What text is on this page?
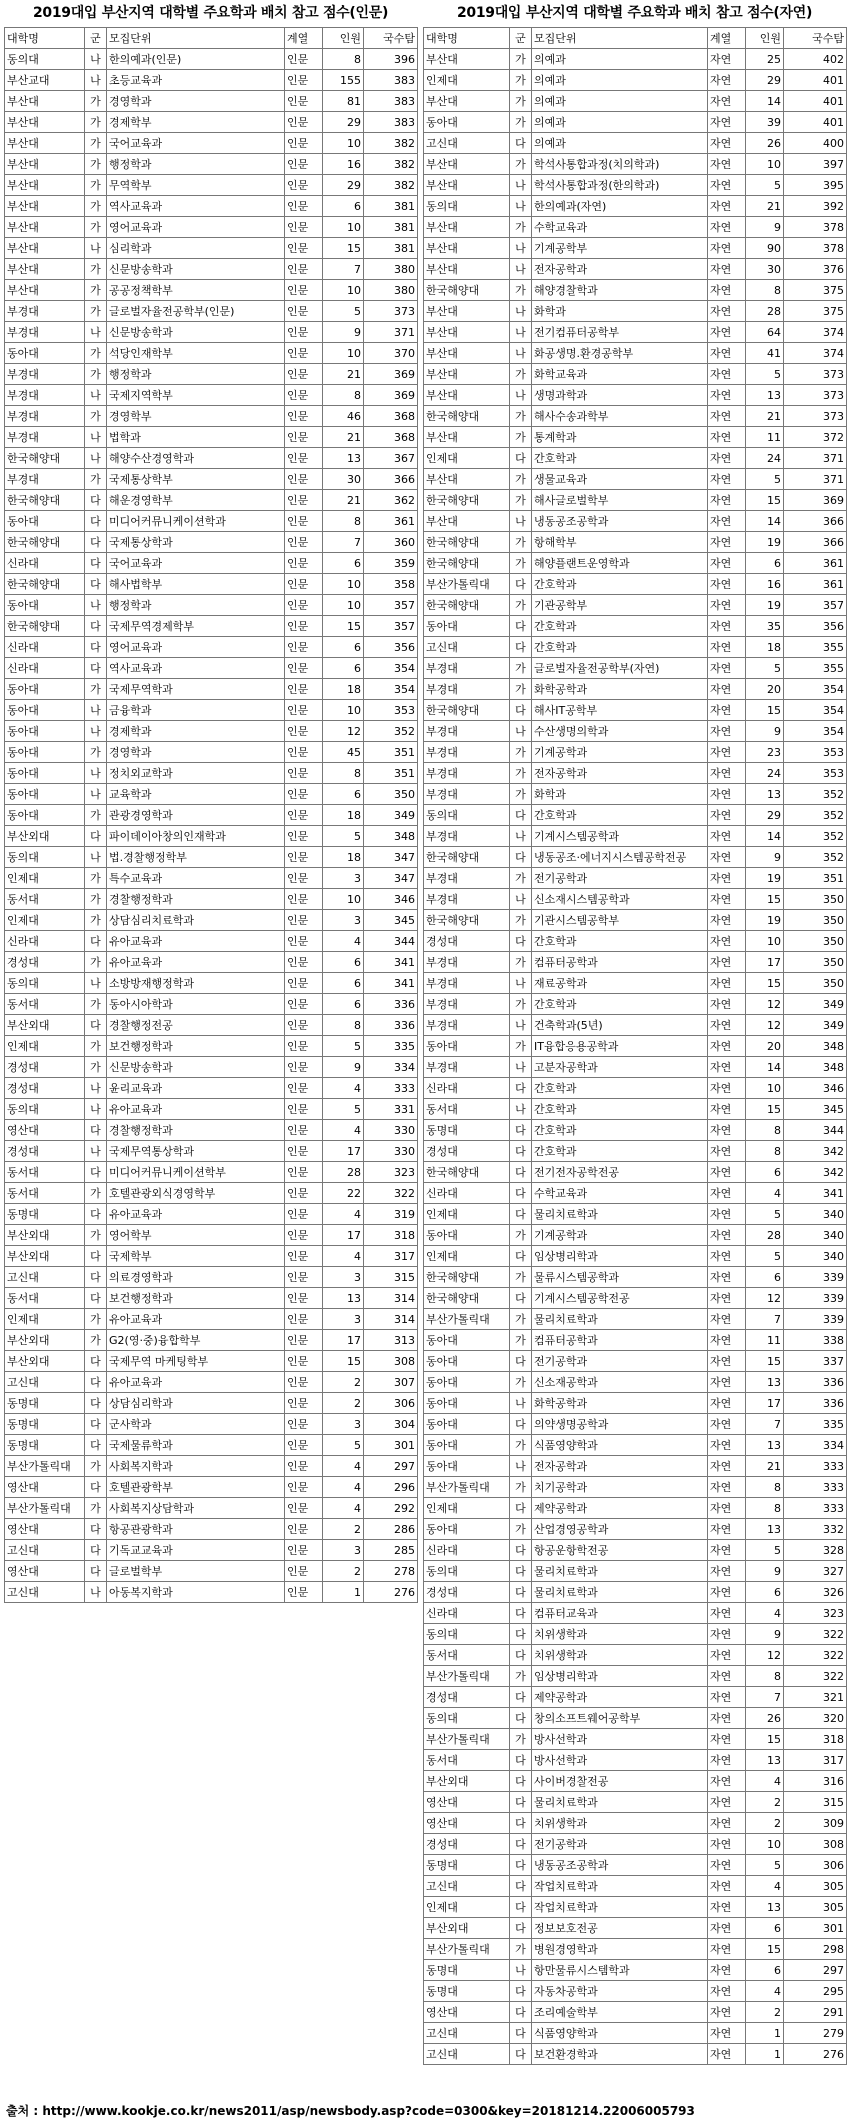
2019대입 부산지역 대학별 주요학과 배치 참고 점수(인문)
대학명	군	모집단위	계열	인원	국수탐
동의대	나	한의예과(인문)	인문	8	396
부산교대	나	초등교육과	인문	155	383
부산대	가	경영학과	인문	81	383
부산대	가	경제학부	인문	29	383
부산대	가	국어교육과	인문	10	382
부산대	가	행정학과	인문	16	382
부산대	가	무역학부	인문	29	382
부산대	가	역사교육과	인문	6	381
부산대	가	영어교육과	인문	10	381
부산대	나	심리학과	인문	15	381
부산대	가	신문방송학과	인문	7	380
부산대	가	공공정책학부	인문	10	380
부경대	가	글로벌자율전공학부(인문)	인문	5	373
부경대	나	신문방송학과	인문	9	371
동아대	가	석당인재학부	인문	10	370
부경대	가	행정학과	인문	21	369
부경대	나	국제지역학부	인문	8	369
부경대	가	경영학부	인문	46	368
부경대	나	법학과	인문	21	368
한국해양대	나	해양수산경영학과	인문	13	367
부경대	가	국제통상학부	인문	30	366
한국해양대	다	해운경영학부	인문	21	362
동아대	다	미디어커뮤니케이션학과	인문	8	361
한국해양대	다	국제통상학과	인문	7	360
신라대	다	국어교육과	인문	6	359
한국해양대	다	해사법학부	인문	10	358
동아대	나	행정학과	인문	10	357
한국해양대	다	국제무역경제학부	인문	15	357
신라대	다	영어교육과	인문	6	356
신라대	다	역사교육과	인문	6	354
동아대	가	국제무역학과	인문	18	354
동아대	나	금융학과	인문	10	353
동아대	나	경제학과	인문	12	352
동아대	가	경영학과	인문	45	351
동아대	나	정치외교학과	인문	8	351
동아대	나	교육학과	인문	6	350
동아대	가	관광경영학과	인문	18	349
부산외대	다	파이데이아창의인재학과	인문	5	348
동의대	나	법.경찰행정학부	인문	18	347
인제대	가	특수교육과	인문	3	347
동서대	가	경찰행정학과	인문	10	346
인제대	가	상담심리치료학과	인문	3	345
신라대	다	유아교육과	인문	4	344
경성대	가	유아교육과	인문	6	341
동의대	나	소방방재행정학과	인문	6	341
동서대	가	동아시아학과	인문	6	336
부산외대	다	경찰행정전공	인문	8	336
인제대	가	보건행정학과	인문	5	335
경성대	가	신문방송학과	인문	9	334
경성대	나	윤리교육과	인문	4	333
동의대	나	유아교육과	인문	5	331
영산대	다	경찰행정학과	인문	4	330
경성대	나	국제무역통상학과	인문	17	330
동서대	다	미디어커뮤니케이션학부	인문	28	323
동서대	가	호텔관광외식경영학부	인문	22	322
동명대	다	유아교육과	인문	4	319
부산외대	가	영어학부	인문	17	318
부산외대	다	국제학부	인문	4	317
고신대	다	의료경영학과	인문	3	315
동서대	다	보건행정학과	인문	13	314
인제대	가	유아교육과	인문	3	314
부산외대	가	G2(영·중)융합학부	인문	17	313
부산외대	다	국제무역 마케팅학부	인문	15	308
고신대	다	유아교육과	인문	2	307
동명대	다	상담심리학과	인문	2	306
동명대	다	군사학과	인문	3	304
동명대	다	국제물류학과	인문	5	301
부산가톨릭대	가	사회복지학과	인문	4	297
영산대	다	호텔관광학부	인문	4	296
부산가톨릭대	가	사회복지상담학과	인문	4	292
영산대	다	항공관광학과	인문	2	286
고신대	다	기독교교육과	인문	3	285
영산대	다	글로벌학부	인문	2	278
고신대	나	아동복지학과	인문	1	276
2019대입 부산지역 대학별 주요학과 배치 참고 점수(자연)
대학명	군	모집단위	계열	인원	국수탐
부산대	가	의예과	자연	25	402
인제대	가	의예과	자연	29	401
부산대	가	의예과	자연	14	401
동아대	가	의예과	자연	39	401
고신대	다	의예과	자연	26	400
부산대	가	학석사통합과정(치의학과)	자연	10	397
부산대	나	학석사통합과정(한의학과)	자연	5	395
동의대	나	한의예과(자연)	자연	21	392
부산대	가	수학교육과	자연	9	378
부산대	나	기계공학부	자연	90	378
부산대	나	전자공학과	자연	30	376
한국해양대	가	해양경찰학과	자연	8	375
부산대	나	화학과	자연	28	375
부산대	나	전기컴퓨터공학부	자연	64	374
부산대	나	화공생명.환경공학부	자연	41	374
부산대	가	화학교육과	자연	5	373
부산대	나	생명과학과	자연	13	373
한국해양대	가	해사수송과학부	자연	21	373
부산대	가	통계학과	자연	11	372
인제대	다	간호학과	자연	24	371
부산대	가	생물교육과	자연	5	371
한국해양대	가	해사글로벌학부	자연	15	369
부산대	나	냉동공조공학과	자연	14	366
한국해양대	가	항해학부	자연	19	366
한국해양대	가	해양플랜트운영학과	자연	6	361
부산가톨릭대	다	간호학과	자연	16	361
한국해양대	가	기관공학부	자연	19	357
동아대	다	간호학과	자연	35	356
고신대	다	간호학과	자연	18	355
부경대	가	글로벌자율전공학부(자연)	자연	5	355
부경대	가	화학공학과	자연	20	354
한국해양대	다	해사IT공학부	자연	15	354
부경대	나	수산생명의학과	자연	9	354
부경대	가	기계공학과	자연	23	353
부경대	가	전자공학과	자연	24	353
부경대	가	화학과	자연	13	352
동의대	다	간호학과	자연	29	352
부경대	나	기계시스템공학과	자연	14	352
한국해양대	다	냉동공조·에너지시스템공학전공	자연	9	352
부경대	가	전기공학과	자연	19	351
부경대	나	신소재시스템공학과	자연	15	350
한국해양대	가	기관시스템공학부	자연	19	350
경성대	다	간호학과	자연	10	350
부경대	가	컴퓨터공학과	자연	17	350
부경대	나	재료공학과	자연	15	350
부경대	가	간호학과	자연	12	349
부경대	나	건축학과(5년)	자연	12	349
동아대	가	IT융합응용공학과	자연	20	348
부경대	나	고분자공학과	자연	14	348
신라대	다	간호학과	자연	10	346
동서대	나	간호학과	자연	15	345
동명대	다	간호학과	자연	8	344
경성대	다	간호학과	자연	8	342
한국해양대	다	전기전자공학전공	자연	6	342
신라대	다	수학교육과	자연	4	341
인제대	다	물리치료학과	자연	5	340
동아대	가	기계공학과	자연	28	340
인제대	다	임상병리학과	자연	5	340
한국해양대	가	물류시스템공학과	자연	6	339
한국해양대	다	기계시스템공학전공	자연	12	339
부산가톨릭대	가	물리치료학과	자연	7	339
동아대	가	컴퓨터공학과	자연	11	338
동아대	다	전기공학과	자연	15	337
동아대	가	신소재공학과	자연	13	336
동아대	나	화학공학과	자연	17	336
동아대	다	의약생명공학과	자연	7	335
동아대	가	식품영양학과	자연	13	334
동아대	나	전자공학과	자연	21	333
부산가톨릭대	가	치기공학과	자연	8	333
인제대	다	제약공학과	자연	8	333
동아대	가	산업경영공학과	자연	13	332
신라대	다	항공운항학전공	자연	5	328
동의대	다	물리치료학과	자연	9	327
경성대	다	물리치료학과	자연	6	326
신라대	다	컴퓨터교육과	자연	4	323
동의대	다	치위생학과	자연	9	322
동서대	다	치위생학과	자연	12	322
부산가톨릭대	가	임상병리학과	자연	8	322
경성대	다	제약공학과	자연	7	321
동의대	다	창의소프트웨어공학부	자연	26	320
부산가톨릭대	가	방사선학과	자연	15	318
동서대	다	방사선학과	자연	13	317
부산외대	다	사이버경찰전공	자연	4	316
영산대	다	물리치료학과	자연	2	315
영산대	다	치위생학과	자연	2	309
경성대	다	전기공학과	자연	10	308
동명대	다	냉동공조공학과	자연	5	306
고신대	다	작업치료학과	자연	4	305
인제대	다	작업치료학과	자연	13	305
부산외대	다	정보보호전공	자연	6	301
부산가톨릭대	가	병원경영학과	자연	15	298
동명대	나	항만물류시스템학과	자연	6	297
동명대	다	자동차공학과	자연	4	295
영산대	다	조리예술학부	자연	2	291
고신대	다	식품영양학과	자연	1	279
고신대	다	보건환경학과	자연	1	276
출처 : http://www.kookje.co.kr/news2011/asp/newsbody.asp?code=0300&key=20181214.22006005793
